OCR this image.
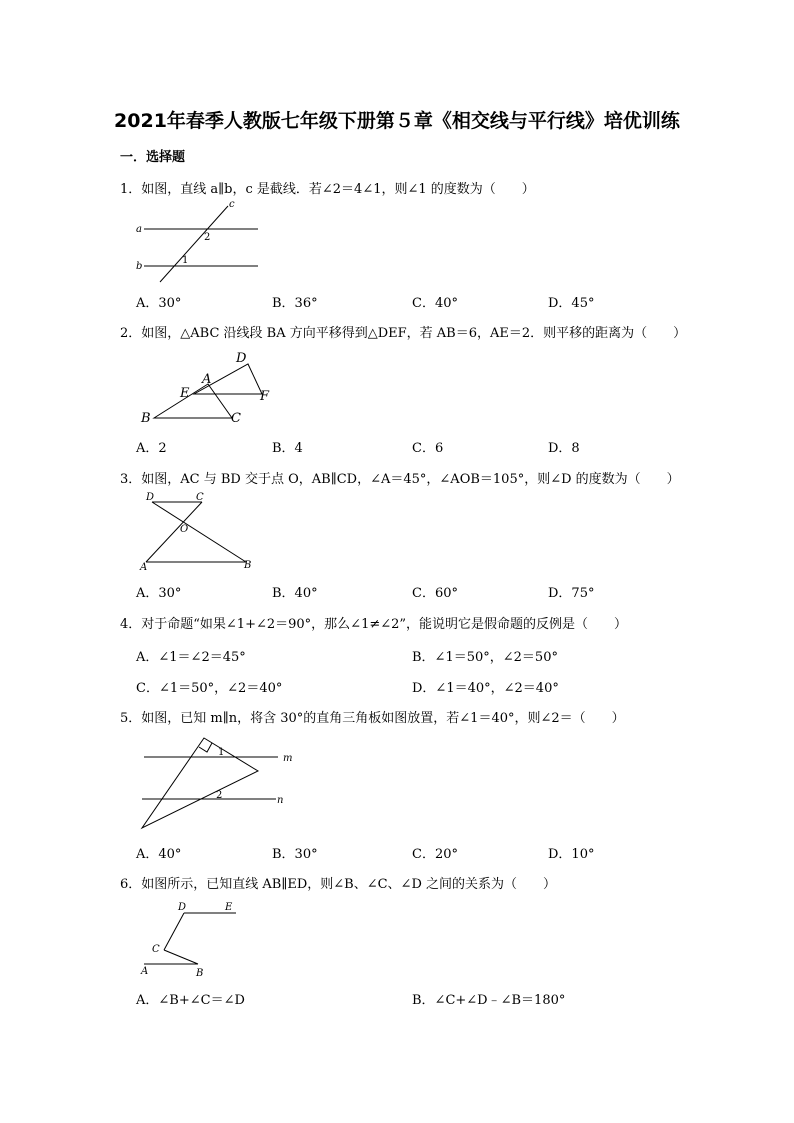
2021年春季人教版七年级下册第５章《相交线与平行线》培优训练
一．选择题
1．如图，直线 a∥b，c 是截线．若∠2＝4∠1，则∠1 的度数为（　　）
a
b
c
1
2
A．30°	B．36°	C．40°	D．45°
2．如图，△ABC 沿线段 BA 方向平移得到△DEF，若 AB＝6，AE＝2．则平移的距离为（　　）
D
A
E	F
B	C
A．2	B．4	C．6	D．8
3．如图，AC 与 BD 交于点 O，AB∥CD，∠A＝45°，∠AOB＝105°，则∠D 的度数为（　　）
D	C
O
A	B
A．30°	B．40°	C．60°	D．75°
4．对于命题“如果∠1+∠2＝90°，那么∠1≠∠2”，能说明它是假命题的反例是（　　）
A．∠1＝∠2＝45°	B．∠1＝50°，∠2＝50°
C．∠1＝50°，∠2＝40°	D．∠1＝40°，∠2＝40°
5．如图，已知 m∥n，将含 30°的直角三角板如图放置，若∠1＝40°，则∠2＝（　　）
m
n
1
2
A．40°	B．30°	C．20°	D．10°
6．如图所示，已知直线 AB∥ED，则∠B、∠C、∠D 之间的关系为（　　）
D	E
C
A	B
A．∠B+∠C＝∠D	B．∠C+∠D﹣∠B＝180°
